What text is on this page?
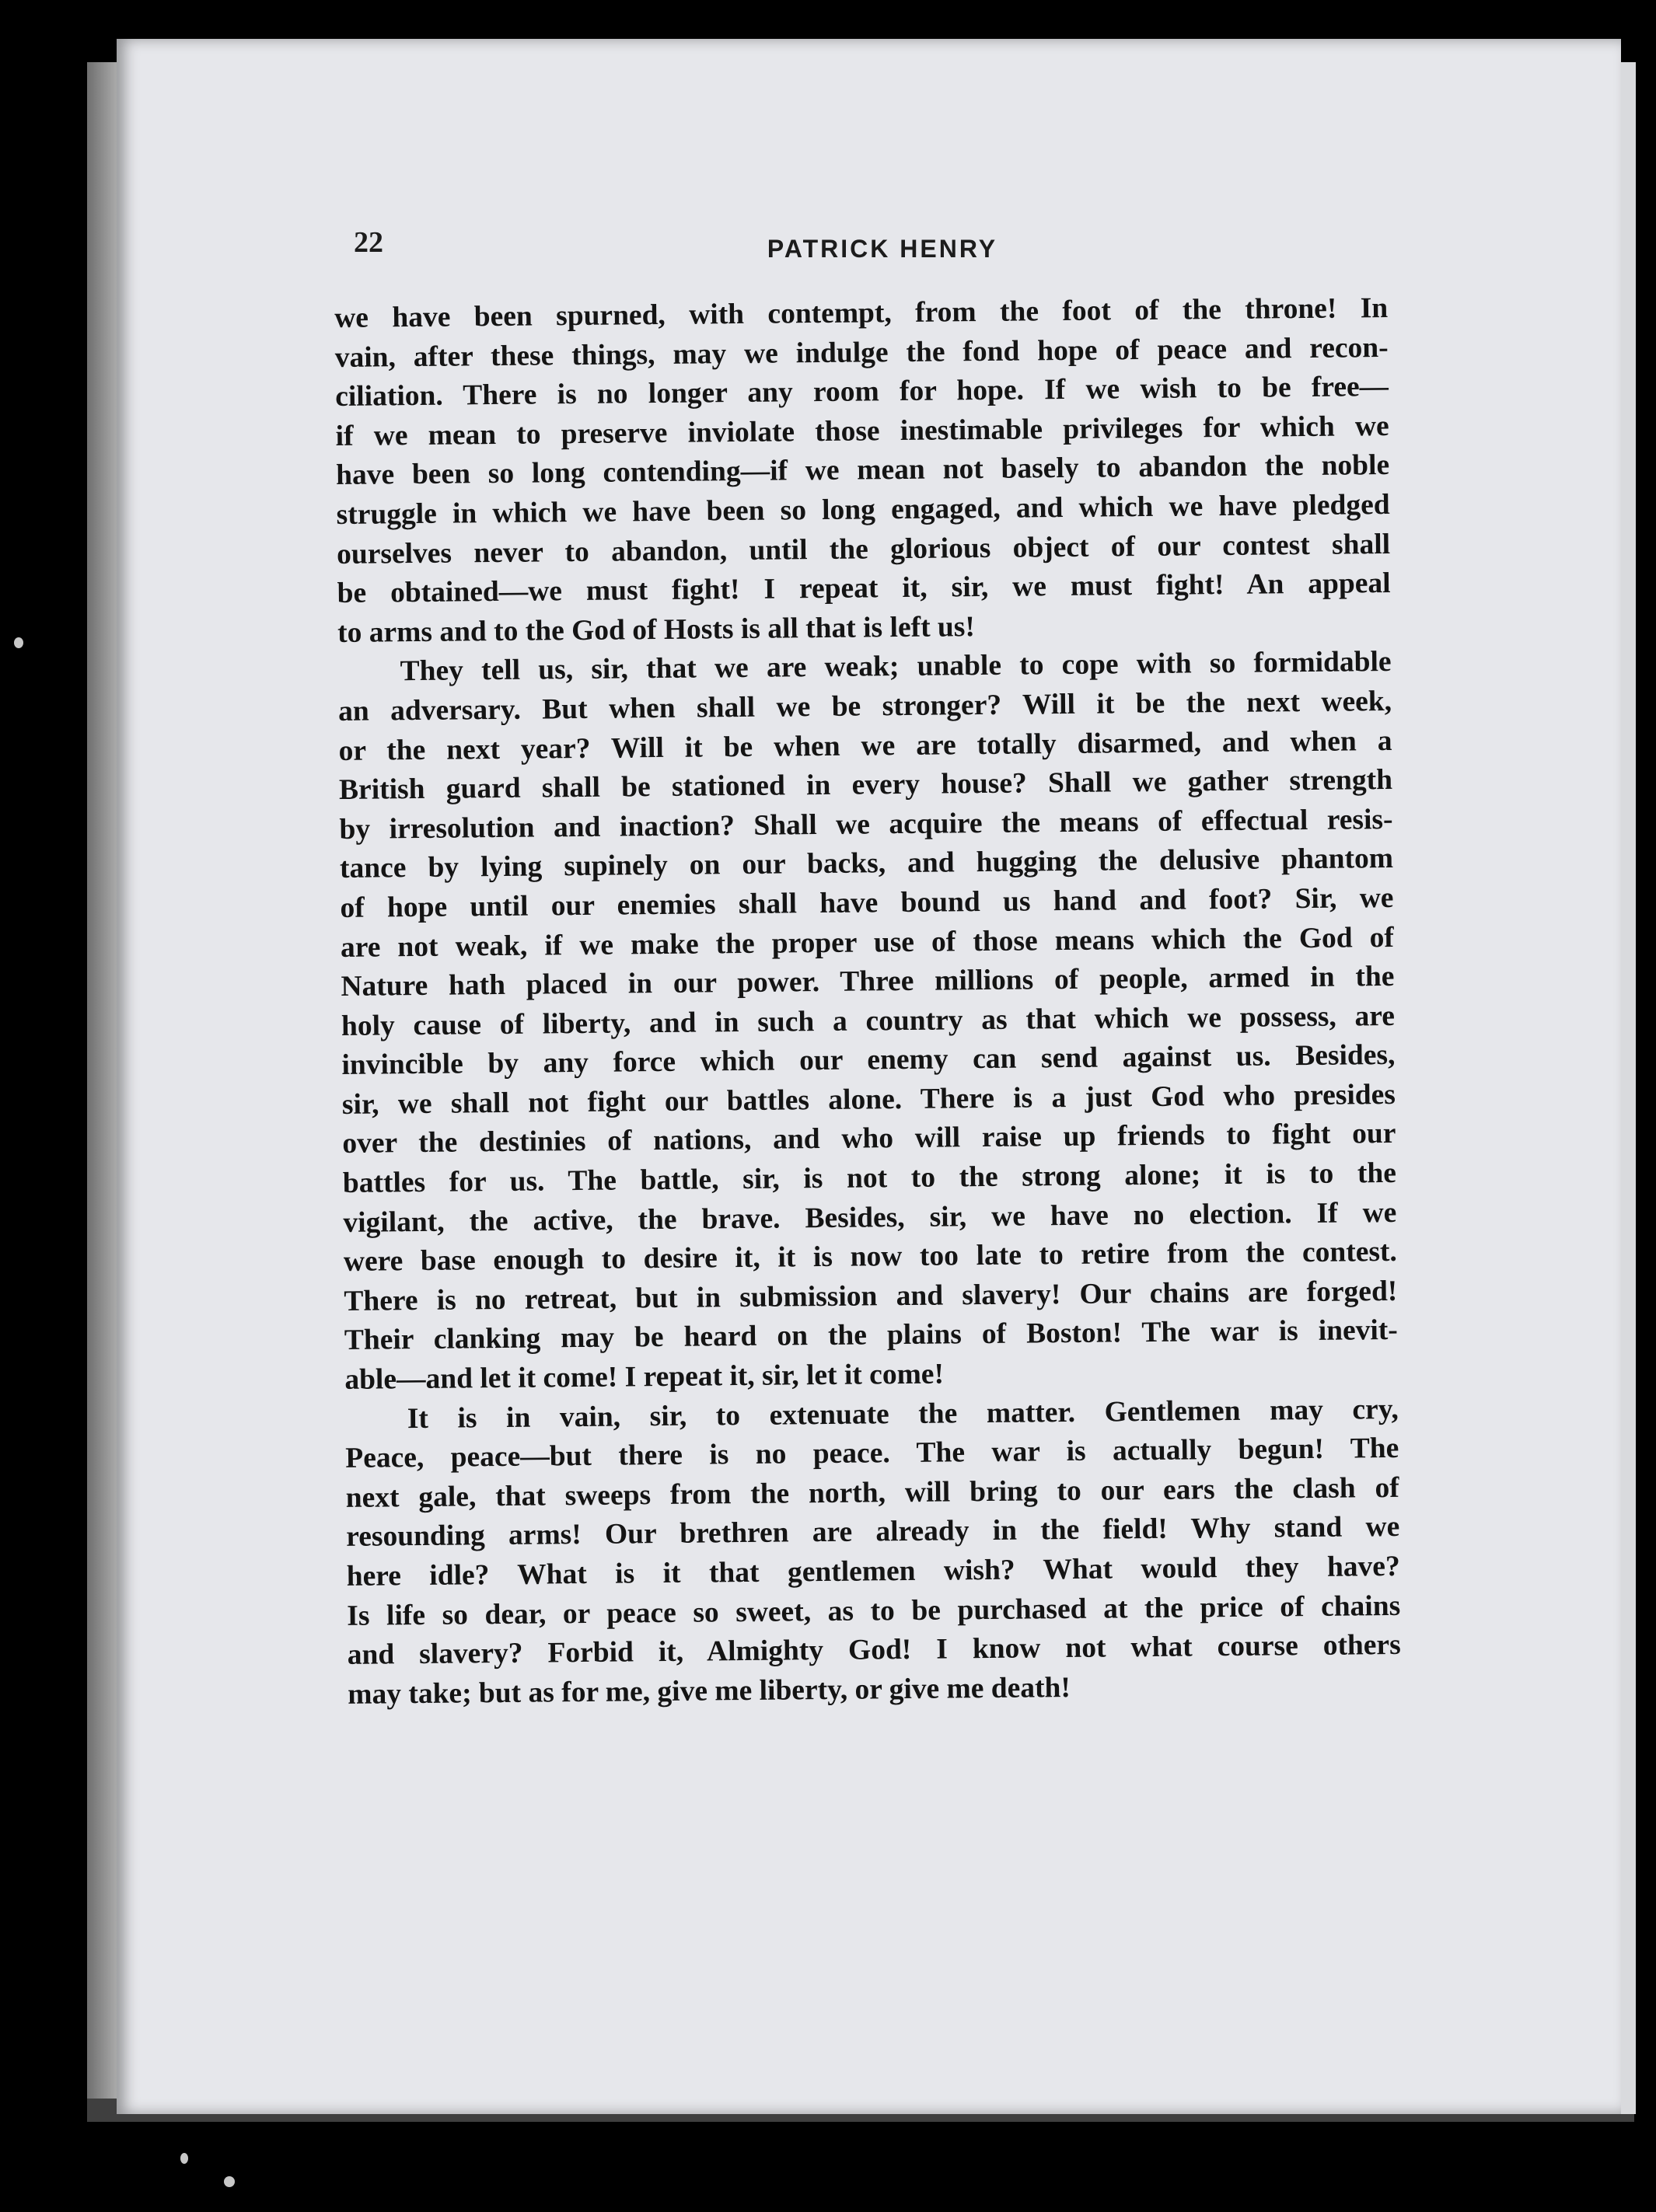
22	PATRICK HENRY
we have been spurned, with contempt, from the foot of the throne! In
vain, after these things, may we indulge the fond hope of peace and recon-
ciliation. There is no longer any room for hope. If we wish to be free—
if we mean to preserve inviolate those inestimable privileges for which we
have been so long contending—if we mean not basely to abandon the noble
struggle in which we have been so long engaged, and which we have pledged
ourselves never to abandon, until the glorious object of our contest shall
be obtained—we must fight! I repeat it, sir, we must fight! An appeal
to arms and to the God of Hosts is all that is left us!
They tell us, sir, that we are weak; unable to cope with so formidable
an adversary. But when shall we be stronger? Will it be the next week,
or the next year? Will it be when we are totally disarmed, and when a
British guard shall be stationed in every house? Shall we gather strength
by irresolution and inaction? Shall we acquire the means of effectual resis-
tance by lying supinely on our backs, and hugging the delusive phantom
of hope until our enemies shall have bound us hand and foot? Sir, we
are not weak, if we make the proper use of those means which the God of
Nature hath placed in our power. Three millions of people, armed in the
holy cause of liberty, and in such a country as that which we possess, are
invincible by any force which our enemy can send against us. Besides,
sir, we shall not fight our battles alone. There is a just God who presides
over the destinies of nations, and who will raise up friends to fight our
battles for us. The battle, sir, is not to the strong alone; it is to the
vigilant, the active, the brave. Besides, sir, we have no election. If we
were base enough to desire it, it is now too late to retire from the contest.
There is no retreat, but in submission and slavery! Our chains are forged!
Their clanking may be heard on the plains of Boston! The war is inevit-
able—and let it come! I repeat it, sir, let it come!
It is in vain, sir, to extenuate the matter. Gentlemen may cry,
Peace, peace—but there is no peace. The war is actually begun! The
next gale, that sweeps from the north, will bring to our ears the clash of
resounding arms! Our brethren are already in the field! Why stand we
here idle? What is it that gentlemen wish? What would they have?
Is life so dear, or peace so sweet, as to be purchased at the price of chains
and slavery? Forbid it, Almighty God! I know not what course others
may take; but as for me, give me liberty, or give me death!
